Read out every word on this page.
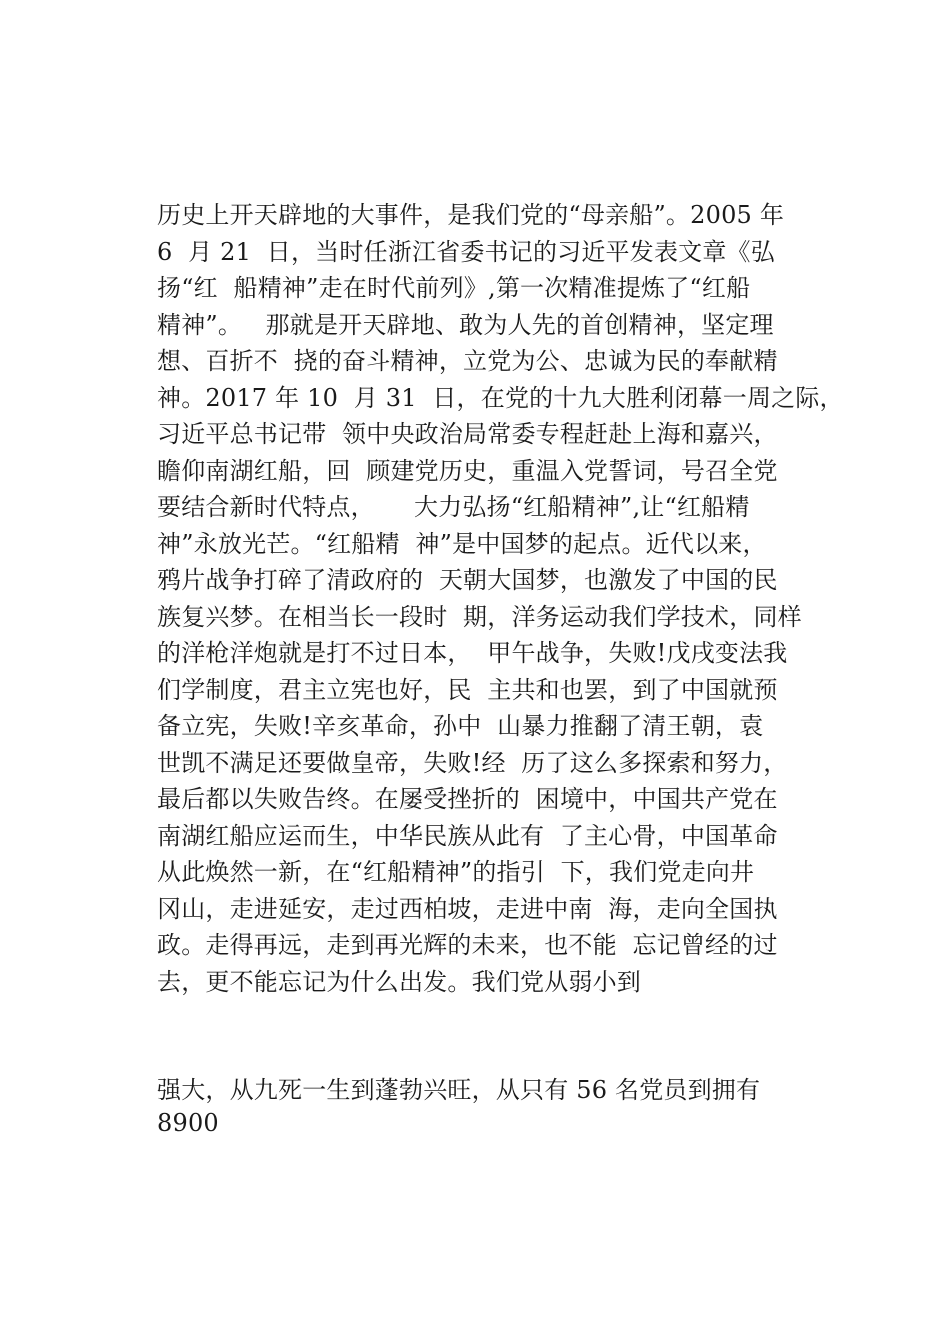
历史上开天辟地的大事件，是我们党的“母亲船”。2005 年
6  月 21  日，当时任浙江省委书记的习近平发表文章《弘
扬“红  船精神”走在时代前列》,第一次精准提炼了“红船
精神”。   那就是开天辟地、敢为人先的首创精神，坚定理
想、百折不  挠的奋斗精神，立党为公、忠诚为民的奉献精
神。2017 年 10  月 31  日，在党的十九大胜利闭幕一周之际，
习近平总书记带  领中央政治局常委专程赶赴上海和嘉兴，
瞻仰南湖红船，回  顾建党历史，重温入党誓词，号召全党
要结合新时代特点，     大力弘扬“红船精神”,让“红船精
神”永放光芒。“红船精  神”是中国梦的起点。近代以来，
鸦片战争打碎了清政府的  天朝大国梦，也激发了中国的民
族复兴梦。在相当长一段时  期，洋务运动我们学技术，同样
的洋枪洋炮就是打不过日本，  甲午战争，失败!戊戌变法我
们学制度，君主立宪也好，民  主共和也罢，到了中国就预
备立宪，失败!辛亥革命，孙中  山暴力推翻了清王朝，袁
世凯不满足还要做皇帝，失败!经  历了这么多探索和努力，
最后都以失败告终。在屡受挫折的  困境中，中国共产党在
南湖红船应运而生，中华民族从此有  了主心骨，中国革命
从此焕然一新，在“红船精神”的指引  下，我们党走向井
冈山，走进延安，走过西柏坡，走进中南  海，走向全国执
政。走得再远，走到再光辉的未来，也不能  忘记曾经的过
去，更不能忘记为什么出发。我们党从弱小到
强大，从九死一生到蓬勃兴旺，从只有 56 名党员到拥有
8900
